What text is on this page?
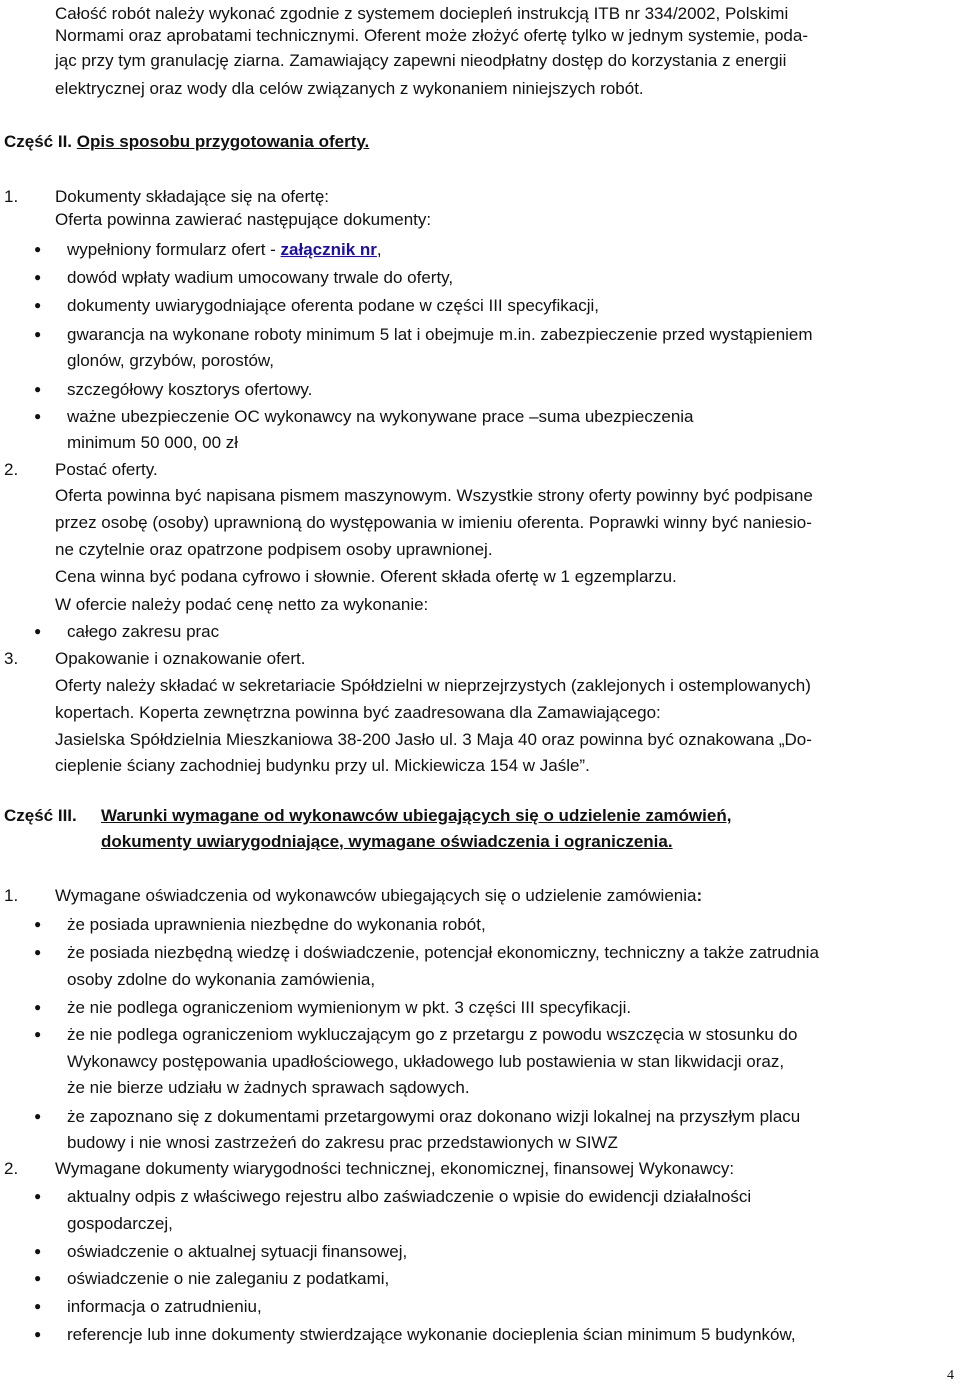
Całość robót należy wykonać zgodnie z systemem dociepleń instrukcją ITB nr 334/2002, Polskimi
Normami oraz aprobatami technicznymi. Oferent może złożyć ofertę tylko w jednym systemie, poda-
jąc przy tym granulację ziarna. Zamawiający zapewni nieodpłatny dostęp do korzystania z energii
elektrycznej oraz wody dla celów związanych z wykonaniem niniejszych robót.
Część II. Opis sposobu przygotowania oferty.
1. Dokumenty składające się na ofertę:
Oferta powinna zawierać następujące dokumenty:
● wypełniony formularz ofert - załącznik nr,
● dowód wpłaty wadium umocowany trwale do oferty,
● dokumenty uwiarygodniające oferenta podane w części III specyfikacji,
● gwarancja na wykonane roboty minimum 5 lat i obejmuje m.in. zabezpieczenie przed wystąpieniem
glonów, grzybów, porostów,
● szczegółowy kosztorys ofertowy.
● ważne ubezpieczenie OC wykonawcy na wykonywane prace –suma ubezpieczenia
minimum 50 000, 00 zł
2. Postać oferty.
Oferta powinna być napisana pismem maszynowym. Wszystkie strony oferty powinny być podpisane
przez osobę (osoby) uprawnioną do występowania w imieniu oferenta. Poprawki winny być naniesio-
ne czytelnie oraz opatrzone podpisem osoby uprawnionej.
Cena winna być podana cyfrowo i słownie. Oferent składa ofertę w 1 egzemplarzu.
W ofercie należy podać cenę netto za wykonanie:
● całego zakresu prac
3. Opakowanie i oznakowanie ofert.
Oferty należy składać w sekretariacie Spółdzielni w nieprzejrzystych (zaklejonych i ostemplowanych)
kopertach. Koperta zewnętrzna powinna być zaadresowana dla Zamawiającego:
Jasielska Spółdzielnia Mieszkaniowa 38-200 Jasło ul. 3 Maja 40 oraz powinna być oznakowana „Do-
cieplenie ściany zachodniej budynku przy ul. Mickiewicza 154 w Jaśle”.
Część III. Warunki wymagane od wykonawców ubiegających się o udzielenie zamówień,
dokumenty uwiarygodniające, wymagane oświadczenia i ograniczenia.
1. Wymagane oświadczenia od wykonawców ubiegających się o udzielenie zamówienia:
● że posiada uprawnienia niezbędne do wykonania robót,
● że posiada niezbędną wiedzę i doświadczenie, potencjał ekonomiczny, techniczny a także zatrudnia
osoby zdolne do wykonania zamówienia,
● że nie podlega ograniczeniom wymienionym w pkt. 3 części III specyfikacji.
● że nie podlega ograniczeniom wykluczającym go z przetargu z powodu wszczęcia w stosunku do
Wykonawcy postępowania upadłościowego, układowego lub postawienia w stan likwidacji oraz,
że nie bierze udziału w żadnych sprawach sądowych.
● że zapoznano się z dokumentami przetargowymi oraz dokonano wizji lokalnej na przyszłym placu
budowy i nie wnosi zastrzeżeń do zakresu prac przedstawionych w SIWZ
2. Wymagane dokumenty wiarygodności technicznej, ekonomicznej, finansowej Wykonawcy:
● aktualny odpis z właściwego rejestru albo zaświadczenie o wpisie do ewidencji działalności
gospodarczej,
● oświadczenie o aktualnej sytuacji finansowej,
● oświadczenie o nie zaleganiu z podatkami,
● informacja o zatrudnieniu,
● referencje lub inne dokumenty stwierdzające wykonanie docieplenia ścian minimum 5 budynków,
4
